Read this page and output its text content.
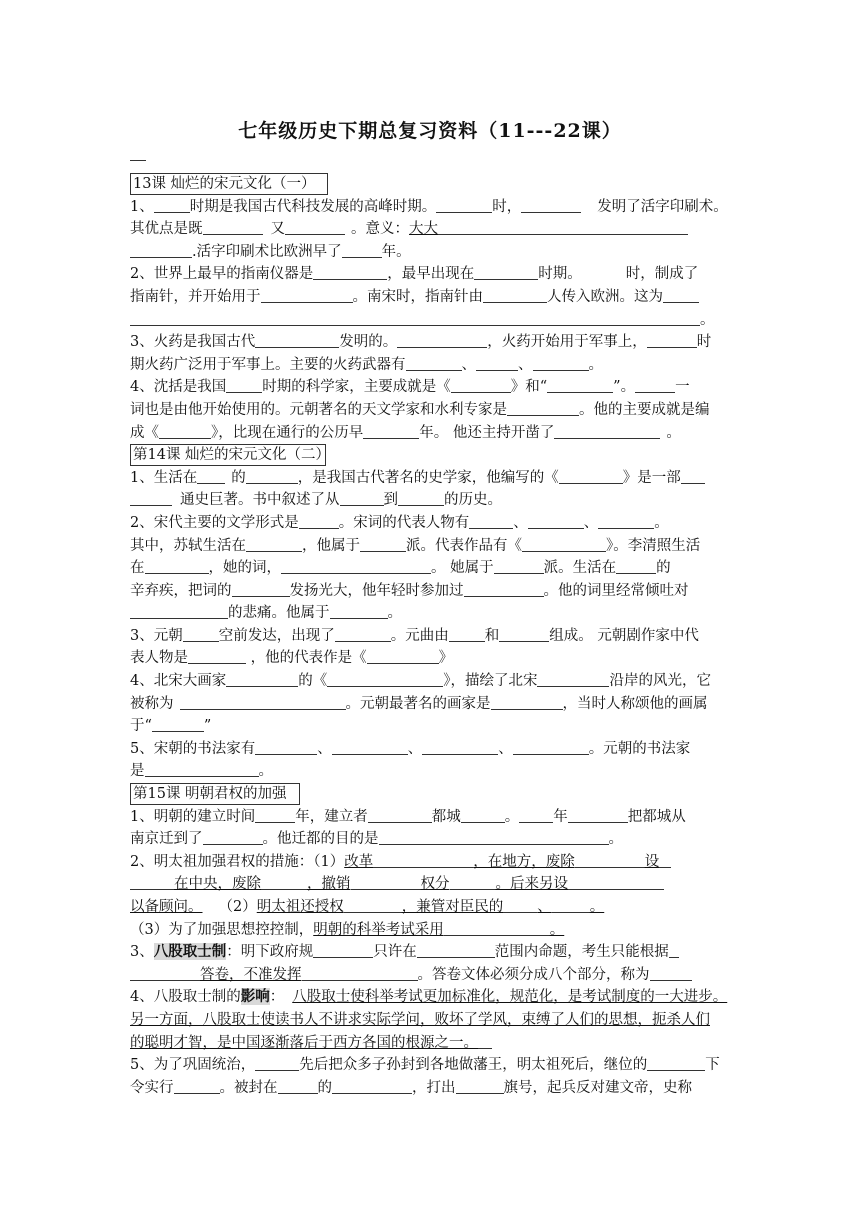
七年级历史下期总复习资料（11---22课）
13课 灿烂的宋元文化（一）
1、 时期是我国古代科技发展的高峰时期。	时，	发明了活字印刷术。
其优点是既	又	。意义：大大
.活字印刷术比欧洲早了	年。
2、世界上最早的指南仪器是	，最早出现在	时期。	时，制成了
指南针，并开始用于	。南宋时，指南针由	人传入欧洲。这为
。
3、火药是我国古代	发明的。	，火药开始用于军事上，	时
期火药广泛用于军事上。主要的火药武器有	、	、	。
4、沈括是我国 时期的科学家，主要成就是《	》和“	”。	一
词也是由他开始使用的。元朝著名的天文学家和水利专家是	。他的主要成就是编
成《	》，比现在通行的公历早	年。 他还主持开凿了	。
第14课 灿烂的宋元文化（二）
1、生活在 的	，是我国古代著名的史学家，他编写的《	》是一部
通史巨著。书中叙述了从	到	的历史。
2、宋代主要的文学形式是	。宋词的代表人物有	、	、	。
其中，苏轼生活在	，他属于	派。代表作品有《	》。李清照生活
在	，她的词，	。 她属于	派。生活在	的
辛弃疾，把词的	发扬光大，他年轻时参加过	。他的词里经常倾吐对
的悲痛。他属于	。
3、元朝 空前发达，出现了	。元曲由 和	组成。 元朝剧作家中代
表人物是	，他的代表作是《	》
4、北宋大画家	的《	》，描绘了北宋	沿岸的风光，它
被称为	。元朝最著名的画家是	，当时人称颂他的画属
于“	”
5、宋朝的书法家有	、	、	、	。元朝的书法家
是	。
第15课 明朝君权的加强
1、明朝的建立时间	年，建立者	都城	。 年	把都城从
南京迁到了	。他迁都的目的是	。
2、明太祖加强君权的措施：（1）改革	，在地方，废除	设
在中央，废除	，撤销	权分	。后来另设
以备顾问。 （2）明太祖还授权	，兼管对臣民的 、	。
（3）为了加强思想控控制，明朝的科举考试采用	。
3、八股取士制：明下政府规	只许在	范围内命题，考生只能根据
答卷，不准发挥	。答卷文体必须分成八个部分，称为
4、八股取士制的影响： 八股取士使科举考试更加标准化，规范化，是考试制度的一大进步。
另一方面，八股取士使读书人不讲求实际学问，败坏了学风，束缚了人们的思想，扼杀人们
的聪明才智，是中国逐渐落后于西方各国的根源之一。
5、为了巩固统治，	先后把众多子孙封到各地做藩王，明太祖死后，继位的	下
令实行	。被封在	的	，打出	旗号，起兵反对建文帝，史称
